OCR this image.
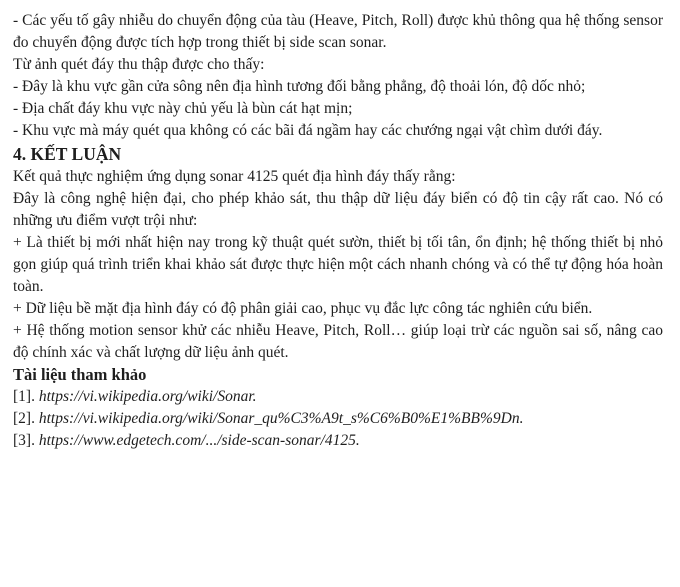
- Các yếu tố gây nhiễu do chuyển động của tàu (Heave, Pitch, Roll) được khủ thông qua hệ thống sensor đo chuyển động được tích hợp trong thiết bị side scan sonar.

Từ ảnh quét đáy thu thập được cho thấy:

- Đây là khu vực gần cửa sông nên địa hình tương đối bằng phẳng, độ thoải lón, độ dốc nhỏ;

- Địa chất đáy khu vực này chủ yếu là bùn cát hạt mịn;

- Khu vực mà máy quét qua không có các bãi đá ngầm hay các chướng ngại vật chìm dưới đáy.

4. KẾT LUẬN

Kết quả thực nghiệm ứng dụng sonar 4125 quét địa hình đáy thấy rằng:

Đây là công nghệ hiện đại, cho phép khảo sát, thu thập dữ liệu đáy biển có độ tin cậy rất cao. Nó có những ưu điểm vượt trội như:

+ Là thiết bị mới nhất hiện nay trong kỹ thuật quét sườn, thiết bị tối tân, ổn định; hệ thống thiết bị nhỏ gọn giúp quá trình triển khai khảo sát được thực hiện một cách nhanh chóng và có thể tự động hóa hoàn toàn.

+ Dữ liệu bề mặt địa hình đáy có độ phân giải cao, phục vụ đắc lực công tác nghiên cứu biển.

+ Hệ thống motion sensor khử các nhiễu Heave, Pitch, Roll… giúp loại trừ các nguồn sai số, nâng cao độ chính xác và chất lượng dữ liệu ảnh quét.

Tài liệu tham khảo

[1]. https://vi.wikipedia.org/wiki/Sonar.

[2]. https://vi.wikipedia.org/wiki/Sonar_qu%C3%A9t_s%C6%B0%E1%BB%9Dn.

[3]. https://www.edgetech.com/.../side-scan-sonar/4125.
